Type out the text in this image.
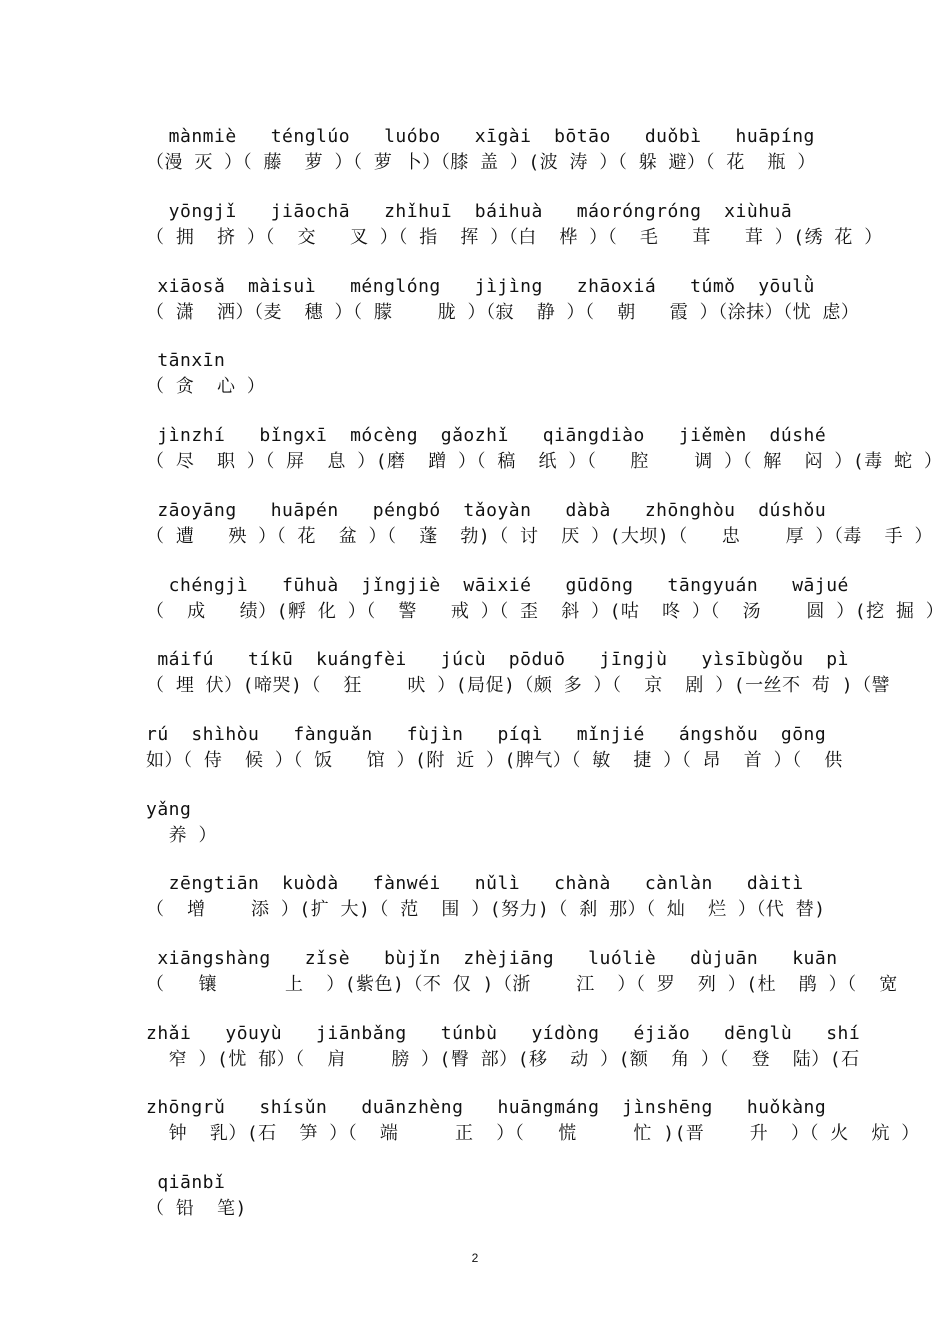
mànmiè   ténglúo   luóbo   xīgài  bōtāo   duǒbì   huāpíng
（漫 灭 ）（ 藤  萝 ）（ 萝 卜）（膝 盖 ）(波 涛 ）（ 躲 避）（ 花  瓶 ）
yōngjǐ   jiāochā   zhǐhuī  báihuà   máoróngróng  xiùhuā
（ 拥  挤 ）（  交   叉 ）（ 指  挥 ）（白  桦 ）（  毛   茸   茸 ）(绣 花 ）
xiāosǎ  màisuì   ménglóng   jìjìng   zhāoxiá   túmǒ  yōulǜ
（ 潇  洒）（麦  穗 ）（ 朦    胧 ）（寂  静 ）（  朝   霞 ）（涂抹）（忧 虑）
tānxīn
（ 贪  心 ）
jìnzhí   bǐngxī  mócèng  gǎozhǐ   qiāngdiào   jiěmèn  dúshé
（ 尽  职 ）（ 屏  息 ）(磨  蹭 ）（ 稿  纸 ）（   腔    调 ）（ 解  闷 ）(毒 蛇 ）
zāoyāng   huāpén   péngbó  tǎoyàn   dàbà   zhōnghòu  dúshǒu
（ 遭   殃 ）（ 花  盆 ）（  蓬  勃)（ 讨  厌 ）(大坝)（   忠    厚 ）（毒  手 ）
chéngjì   fūhuà  jǐngjiè  wāixié   gūdōng   tāngyuán   wājué
（  成   绩）(孵 化 ）（  警   戒 ）（ 歪  斜 ）(咕  咚 ）（  汤    圆 ）(挖 掘 ）
máifú   tíkū  kuángfèi   júcù  pōduō   jīngjù   yìsībùgǒu  pì
（ 埋 伏）(啼哭)（  狂    吠 ）(局促)（颇 多 ）（  京  剧 ）(一丝不 苟 )（譬
rú  shìhòu   fànguǎn   fùjìn   píqì   mǐnjié   ángshǒu  gōng
如）（ 侍  候 ）（ 饭   馆 ）(附 近 ）(脾气）（ 敏  捷 ）（ 昂  首 ）（  供
yǎng
养 ）
zēngtiān  kuòdà   fànwéi   nǔlì   chànà   cànlàn   dàitì
（  增    添 ）(扩 大)（ 范  围 ）(努力)（ 刹 那）（ 灿  烂 ）（代 替)
xiāngshàng   zǐsè   bùjǐn  zhèjiāng   luóliè   dùjuān   kuān
（   镶      上  ）(紫色)（不 仅 )（浙    江  ）（ 罗  列 ）(杜  鹃 ）（  宽
zhǎi   yōuyù   jiānbǎng   túnbù   yídòng   éjiǎo   dēnglù   shí
窄 ）(忧 郁）（  肩    膀 ）(臀 部）(移  动 ）(额  角 ）（  登  陆）(石
zhōngrǔ   shísǔn   duānzhèng   huāngmáng  jìnshēng   huǒkàng
钟  乳）(石  笋 ）（  端     正  ）（   慌     忙 )(晋    升  ）（ 火  炕 ）
qiānbǐ
（ 铅  笔)
2
